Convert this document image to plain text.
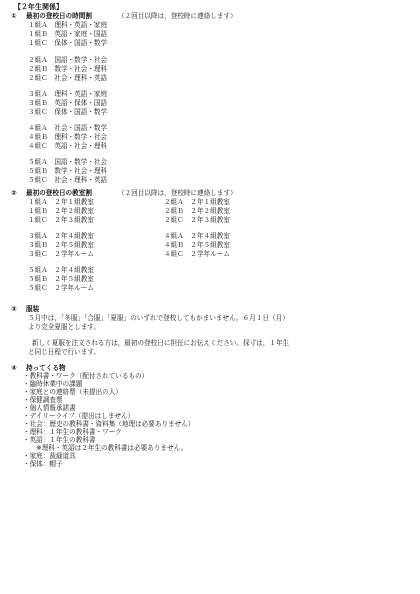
【２年生関係】
① 最初の登校日の時間割	（２回目以降は，登校時に連絡します）
１組Ａ　理科・英語・家庭
１組Ｂ　英語・家庭・国語
１組Ｃ　保体・国語・数学
２組Ａ　国語・数学・社会
２組Ｂ　数学・社会・理科
２組Ｃ　社会・理科・英語
３組Ａ　理科・英語・家庭
３組Ｂ　英語・保体・国語
３組Ｃ　保体・国語・数学
４組Ａ　社会・国語・数学
４組Ｂ　理科・数学・社会
４組Ｃ　英語・社会・理科
５組Ａ　国語・数学・社会
５組Ｂ　数学・社会・理科
５組Ｃ　社会・理科・英語
② 最初の登校日の教室割	（２回目以降は，登校時に連絡します）
１組Ａ　２年１組教室
１組Ｂ　２年２組教室
１組Ｃ　２年３組教室
２組Ａ　２年１組教室
２組Ｂ　２年２組教室
２組Ｃ　２年３組教室
３組Ａ　２年４組教室
３組Ｂ　２年５組教室
３組Ｃ　２学年ルーム
４組Ａ　２年４組教室
４組Ｂ　２年５組教室
４組Ｃ　２学年ルーム
５組Ａ　２年４組教室
５組Ｂ　２年５組教室
５組Ｃ　２学年ルーム
③ 服装
５月中は，「冬服」「合服」「夏服」のいずれで登校してもかまいません。６月１日（月）
より完全夏服とします。
新しく夏服を注文される方は，最初の登校日に担任にお伝えください。採寸は，１年生
と同じ日程で行います。
④ 持ってくる物
・教科書・ワーク（配付されているもの）
・臨時休業中の課題
・家庭との連絡票（未提出の人）
・保健調査票
・個人情報承諾書
・デイリーライフ（提出はしません）
・社会：歴史の教科書・資料集（地理は必要ありません）
・理科：１年生の教科書・ワーク
・英語：１年生の教科書
　　※理科・英語は２年生の教科書は必要ありません。
・家庭：裁縫道具
・保体：帽子
